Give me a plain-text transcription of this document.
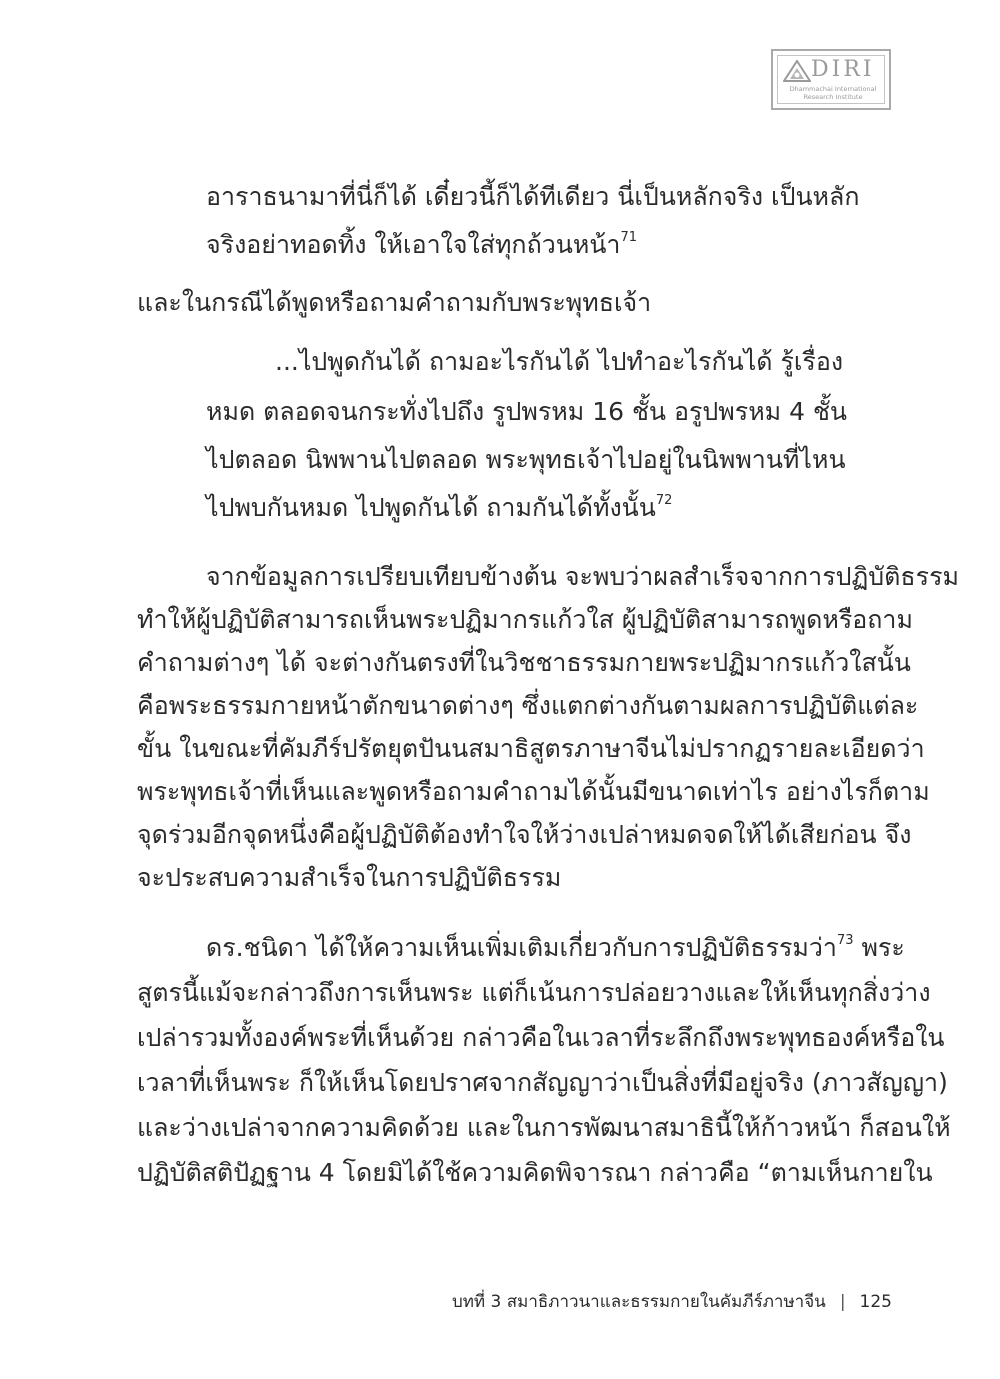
DIRI
Dhammachai International
Research Institute

อาราธนามาที่นี่ก็ได้ เดี๋ยวนี้ก็ได้ทีเดียว นี่เป็นหลักจริง เป็นหลัก

จริงอย่าทอดทิ้ง ให้เอาใจใส่ทุกถ้วนหน้า$^{71}$

และในกรณีได้พูดหรือถามคำถามกับพระพุทธเจ้า

...ไปพูดกันได้ ถามอะไรกันได้ ไปทำอะไรกันได้ รู้เรื่อง

หมด ตลอดจนกระทั่งไปถึง รูปพรหม 16 ชั้น อรูปพรหม 4 ชั้น

ไปตลอด นิพพานไปตลอด พระพุทธเจ้าไปอยู่ในนิพพานที่ไหน

ไปพบกันหมด ไปพูดกันได้ ถามกันได้ทั้งนั้น$^{72}$

จากข้อมูลการเปรียบเทียบข้างต้น จะพบว่าผลสำเร็จจากการปฏิบัติธรรม

ทำให้ผู้ปฏิบัติสามารถเห็นพระปฏิมากรแก้วใส ผู้ปฏิบัติสามารถพูดหรือถาม

คำถามต่างๆ ได้ จะต่างกันตรงที่ในวิชชาธรรมกายพระปฏิมากรแก้วใสนั้น

คือพระธรรมกายหน้าตักขนาดต่างๆ ซึ่งแตกต่างกันตามผลการปฏิบัติแต่ละ

ขั้น ในขณะที่คัมภีร์ปรัตยุตปันนสมาธิสูตรภาษาจีนไม่ปรากฏรายละเอียดว่า

พระพุทธเจ้าที่เห็นและพูดหรือถามคำถามได้นั้นมีขนาดเท่าไร อย่างไรก็ตาม

จุดร่วมอีกจุดหนึ่งคือผู้ปฏิบัติต้องทำใจให้ว่างเปล่าหมดจดให้ได้เสียก่อน จึง

จะประสบความสำเร็จในการปฏิบัติธรรม

ดร.ชนิดา ได้ให้ความเห็นเพิ่มเติมเกี่ยวกับการปฏิบัติธรรมว่า$^{73}$ พระ

สูตรนี้แม้จะกล่าวถึงการเห็นพระ แต่ก็เน้นการปล่อยวางและให้เห็นทุกสิ่งว่าง

เปล่ารวมทั้งองค์พระที่เห็นด้วย กล่าวคือในเวลาที่ระลึกถึงพระพุทธองค์หรือใน

เวลาที่เห็นพระ ก็ให้เห็นโดยปราศจากสัญญาว่าเป็นสิ่งที่มีอยู่จริง (ภาวสัญญา)

และว่างเปล่าจากความคิดด้วย และในการพัฒนาสมาธินี้ให้ก้าวหน้า ก็สอนให้

ปฏิบัติสติปัฏฐาน 4 โดยมิได้ใช้ความคิดพิจารณา กล่าวคือ “ตามเห็นกายใน

บทที่ 3 สมาธิภาวนาและธรรมกายในคัมภีร์ภาษาจีน | 125
